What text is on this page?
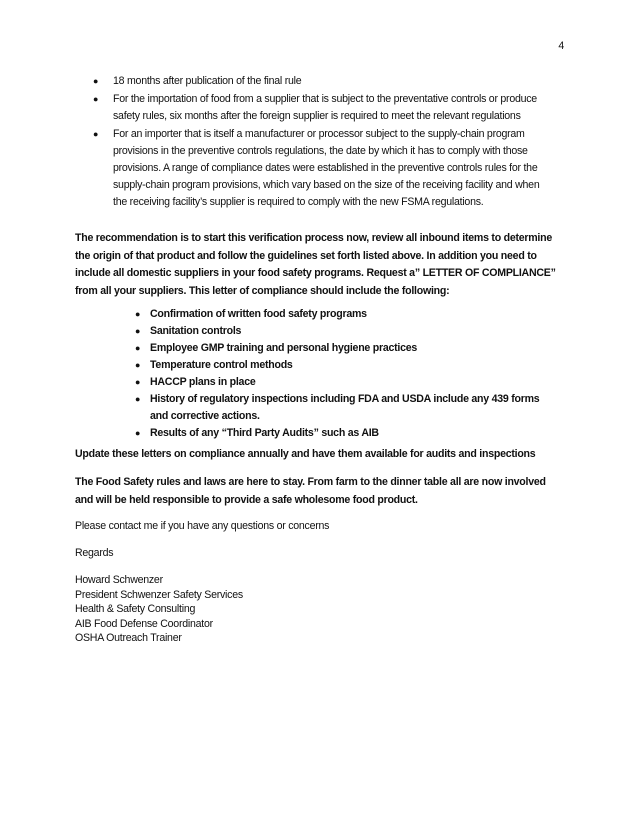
4
● 18 months after publication of the final rule
● For the importation of food from a supplier that is subject to the preventative controls or produce safety rules, six months after the foreign supplier is required to meet the relevant regulations
● For an importer that is itself a manufacturer or processor subject to the supply-chain program provisions in the preventive controls regulations, the date by which it has to comply with those provisions. A range of compliance dates were established in the preventive controls rules for the supply-chain program provisions, which vary based on the size of the receiving facility and when the receiving facility’s supplier is required to comply with the new FSMA regulations.

The recommendation is to start this verification process now, review all inbound items to determine the origin of that product and follow the guidelines set forth listed above. In addition you need to include all domestic suppliers in your food safety programs. Request a” LETTER OF COMPLIANCE” from all your suppliers. This letter of compliance should include the following:

● Confirmation of written food safety programs
● Sanitation controls
● Employee GMP training and personal hygiene practices
● Temperature control methods
● HACCP plans in place
● History of regulatory inspections including FDA and USDA include any 439 forms and corrective actions.
● Results of any “Third Party Audits” such as AIB

Update these letters on compliance annually and have them available for audits and inspections

The Food Safety rules and laws are here to stay. From farm to the dinner table all are now involved and will be held responsible to provide a safe wholesome food product.

Please contact me if you have any questions or concerns

Regards

Howard Schwenzer
President Schwenzer Safety Services
Health & Safety Consulting
AIB Food Defense Coordinator
OSHA Outreach Trainer
